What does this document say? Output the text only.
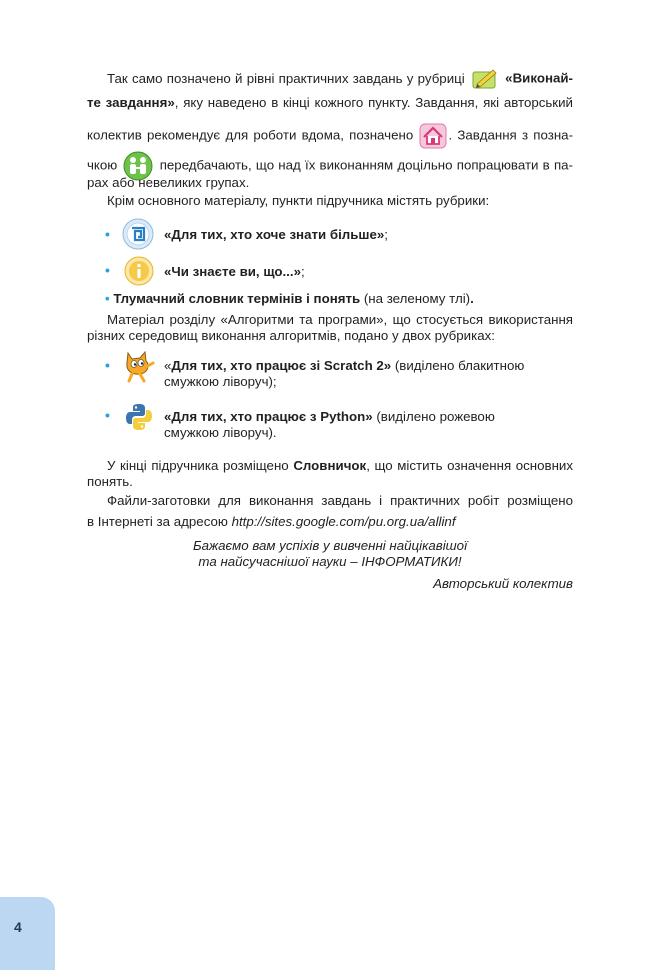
Так само позначено й рівні практичних завдань у рубриці	«Виконай-
те завдання», яку наведено в кінці кожного пункту. Завдання, які авторський
колектив рекомендує для роботи вдома, позначено	. Завдання з позна-
чкою	передбачають, що над їх виконанням доцільно попрацювати в па-
рах або невеликих групах.
Крім основного матеріалу, пункти підручника містять рубрики:
•	«Для тих, хто хоче знати більше»;
•	«Чи знаєте ви, що...»;
• Тлумачний словник термінів і понять (на зеленому тлі).
Матеріал розділу «Алгоритми та програми», що стосується використання
різних середовищ виконання алгоритмів, подано у двох рубриках:
•	«Для тих, хто працює зі Scratch 2» (виділено блакитною
смужкою ліворуч);
•	«Для тих, хто працює з Python» (виділено рожевою
смужкою ліворуч).
У кінці підручника розміщено Словничок, що містить означення основних
понять.
Файли-заготовки для виконання завдань і практичних робіт розміщено
в Інтернеті за адресою http://sites.google.com/pu.org.ua/allinf
Бажаємо вам успіхів у вивченні найцікавішої
та найсучаснішої науки – ІНФОРМАТИКИ!
Авторський колектив
4
